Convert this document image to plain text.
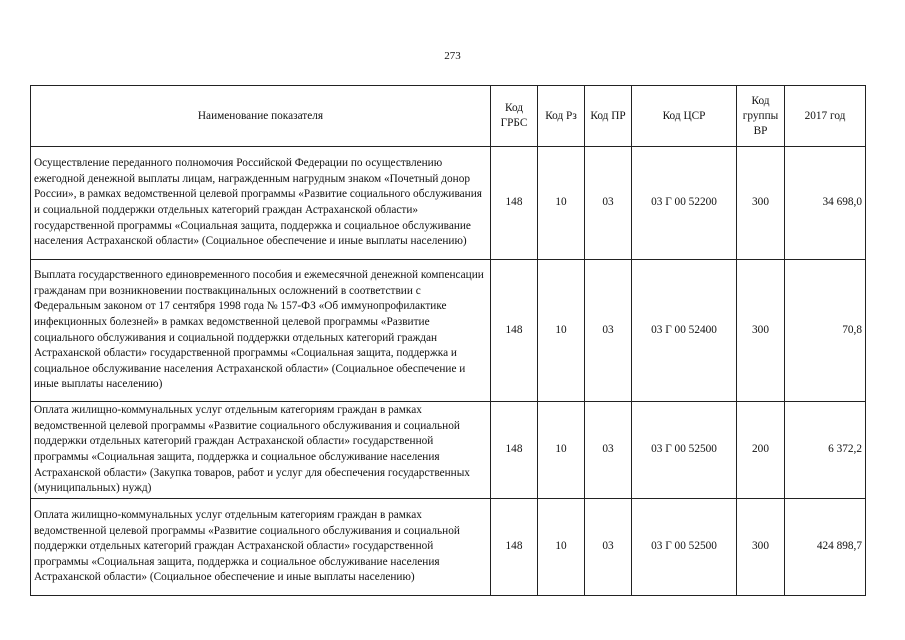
273
Наименование показателя	Код ГРБС	Код Рз	Код ПР	Код ЦСР	Код группы ВР	2017 год
Осуществление переданного полномочия Российской Федерации по осуществлению ежегодной денежной выплаты лицам, награжденным нагрудным знаком «Почетный донор России», в рамках ведомственной целевой программы «Развитие социального обслуживания и социальной поддержки отдельных категорий граждан Астраханской области» государственной программы «Социальная защита, поддержка и социальное обслуживание населения Астраханской области» (Социальное обеспечение и иные выплаты населению)	148	10	03	03 Г 00 52200	300	34 698,0
Выплата государственного единовременного пособия и ежемесячной денежной компенсации гражданам при возникновении поствакцинальных осложнений в соответствии с Федеральным законом от 17 сентября 1998 года № 157-ФЗ «Об иммунопрофилактике инфекционных болезней» в рамках ведомственной целевой программы «Развитие социального обслуживания и социальной поддержки отдельных категорий граждан Астраханской области» государственной программы «Социальная защита, поддержка и социальное обслуживание населения Астраханской области» (Социальное обеспечение и иные выплаты населению)	148	10	03	03 Г 00 52400	300	70,8
Оплата жилищно-коммунальных услуг отдельным категориям граждан в рамках ведомственной целевой программы «Развитие социального обслуживания и социальной поддержки отдельных категорий граждан Астраханской области» государственной программы «Социальная защита, поддержка и социальное обслуживание населения Астраханской области» (Закупка товаров, работ и услуг для обеспечения государственных (муниципальных) нужд)	148	10	03	03 Г 00 52500	200	6 372,2
Оплата жилищно-коммунальных услуг отдельным категориям граждан в рамках ведомственной целевой программы «Развитие социального обслуживания и социальной поддержки отдельных категорий граждан Астраханской области» государственной программы «Социальная защита, поддержка и социальное обслуживание населения Астраханской области» (Социальное обеспечение и иные выплаты населению)	148	10	03	03 Г 00 52500	300	424 898,7
